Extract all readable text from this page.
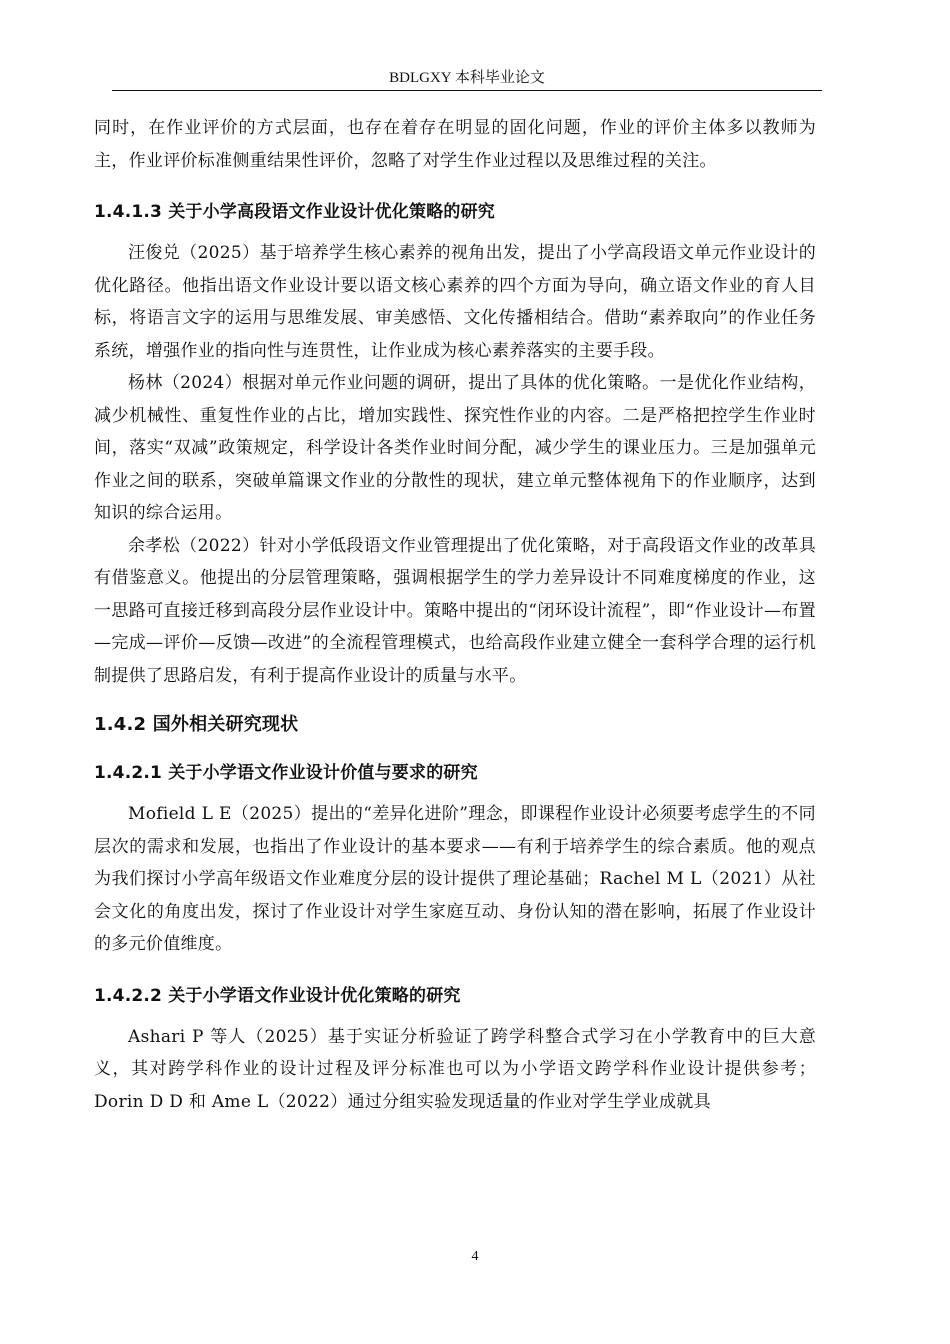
BDLGXY 本科毕业论文

同时，在作业评价的方式层面，也存在着存在明显的固化问题，作业的评价主体多以教师为主，作业评价标准侧重结果性评价，忽略了对学生作业过程以及思维过程的关注。

1.4.1.3 关于小学高段语文作业设计优化策略的研究

汪俊兑（2025）基于培养学生核心素养的视角出发，提出了小学高段语文单元作业设计的优化路径。他指出语文作业设计要以语文核心素养的四个方面为导向，确立语文作业的育人目标，将语言文字的运用与思维发展、审美感悟、文化传播相结合。借助“素养取向”的作业任务系统，增强作业的指向性与连贯性，让作业成为核心素养落实的主要手段。

杨林（2024）根据对单元作业问题的调研，提出了具体的优化策略。一是优化作业结构，减少机械性、重复性作业的占比，增加实践性、探究性作业的内容。二是严格把控学生作业时间，落实“双减”政策规定，科学设计各类作业时间分配，减少学生的课业压力。三是加强单元作业之间的联系，突破单篇课文作业的分散性的现状，建立单元整体视角下的作业顺序，达到知识的综合运用。

余孝松（2022）针对小学低段语文作业管理提出了优化策略，对于高段语文作业的改革具有借鉴意义。他提出的分层管理策略，强调根据学生的学力差异设计不同难度梯度的作业，这一思路可直接迁移到高段分层作业设计中。策略中提出的“闭环设计流程”，即“作业设计—布置—完成—评价—反馈—改进”的全流程管理模式，也给高段作业建立健全一套科学合理的运行机制提供了思路启发，有利于提高作业设计的质量与水平。

1.4.2 国外相关研究现状
1.4.2.1 关于小学语文作业设计价值与要求的研究

Mofield L E（2025）提出的“差异化进阶”理念，即课程作业设计必须要考虑学生的不同层次的需求和发展，也指出了作业设计的基本要求——有利于培养学生的综合素质。他的观点为我们探讨小学高年级语文作业难度分层的设计提供了理论基础；Rachel M L（2021）从社会文化的角度出发，探讨了作业设计对学生家庭互动、身份认知的潜在影响，拓展了作业设计的多元价值维度。

1.4.2.2 关于小学语文作业设计优化策略的研究

Ashari P 等人（2025）基于实证分析验证了跨学科整合式学习在小学教育中的巨大意义，其对跨学科作业的设计过程及评分标准也可以为小学语文跨学科作业设计提供参考；Dorin D D 和 Ame L（2022）通过分组实验发现适量的作业对学生学业成就具

4
